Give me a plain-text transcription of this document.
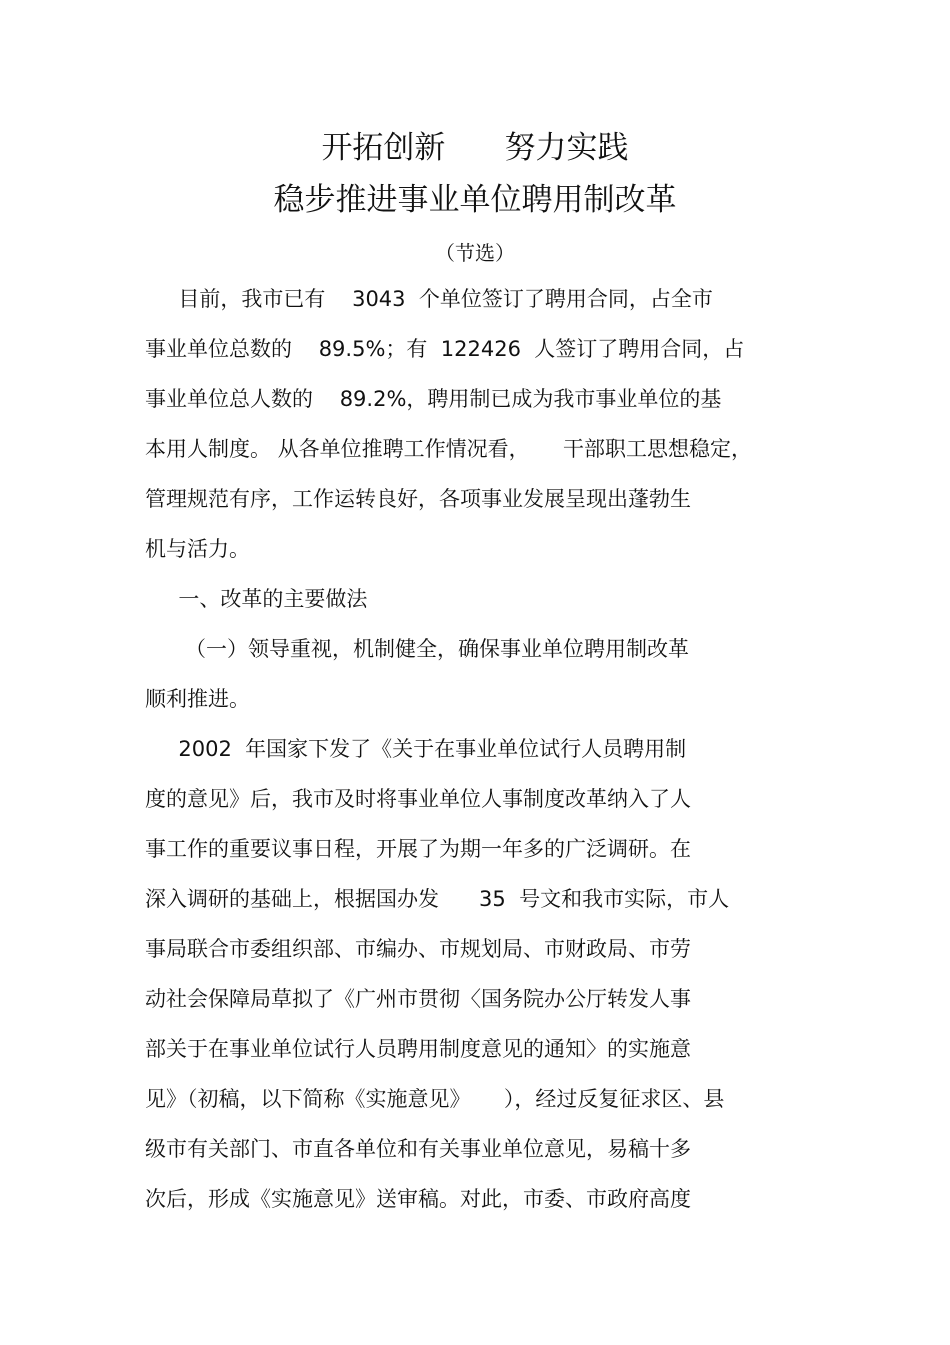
开拓创新      努力实践
稳步推进事业单位聘用制改革

（节选）

目前，我市已有    3043  个单位签订了聘用合同，占全市

事业单位总数的    89.5%；有  122426  人签订了聘用合同，占

事业单位总人数的    89.2%，聘用制已成为我市事业单位的基

本用人制度。 从各单位推聘工作情况看，     干部职工思想稳定，

管理规范有序，工作运转良好，各项事业发展呈现出蓬勃生

机与活力。

一、改革的主要做法

（一）领导重视，机制健全，确保事业单位聘用制改革

顺利推进。

2002  年国家下发了《关于在事业单位试行人员聘用制

度的意见》后，我市及时将事业单位人事制度改革纳入了人

事工作的重要议事日程，开展了为期一年多的广泛调研。在

深入调研的基础上，根据国办发      35  号文和我市实际，市人

事局联合市委组织部、市编办、市规划局、市财政局、市劳

动社会保障局草拟了《广州市贯彻〈国务院办公厅转发人事

部关于在事业单位试行人员聘用制度意见的通知〉的实施意

见》（初稿，以下简称《实施意见》     ），经过反复征求区、县

级市有关部门、市直各单位和有关事业单位意见，易稿十多

次后，形成《实施意见》送审稿。对此，市委、市政府高度
